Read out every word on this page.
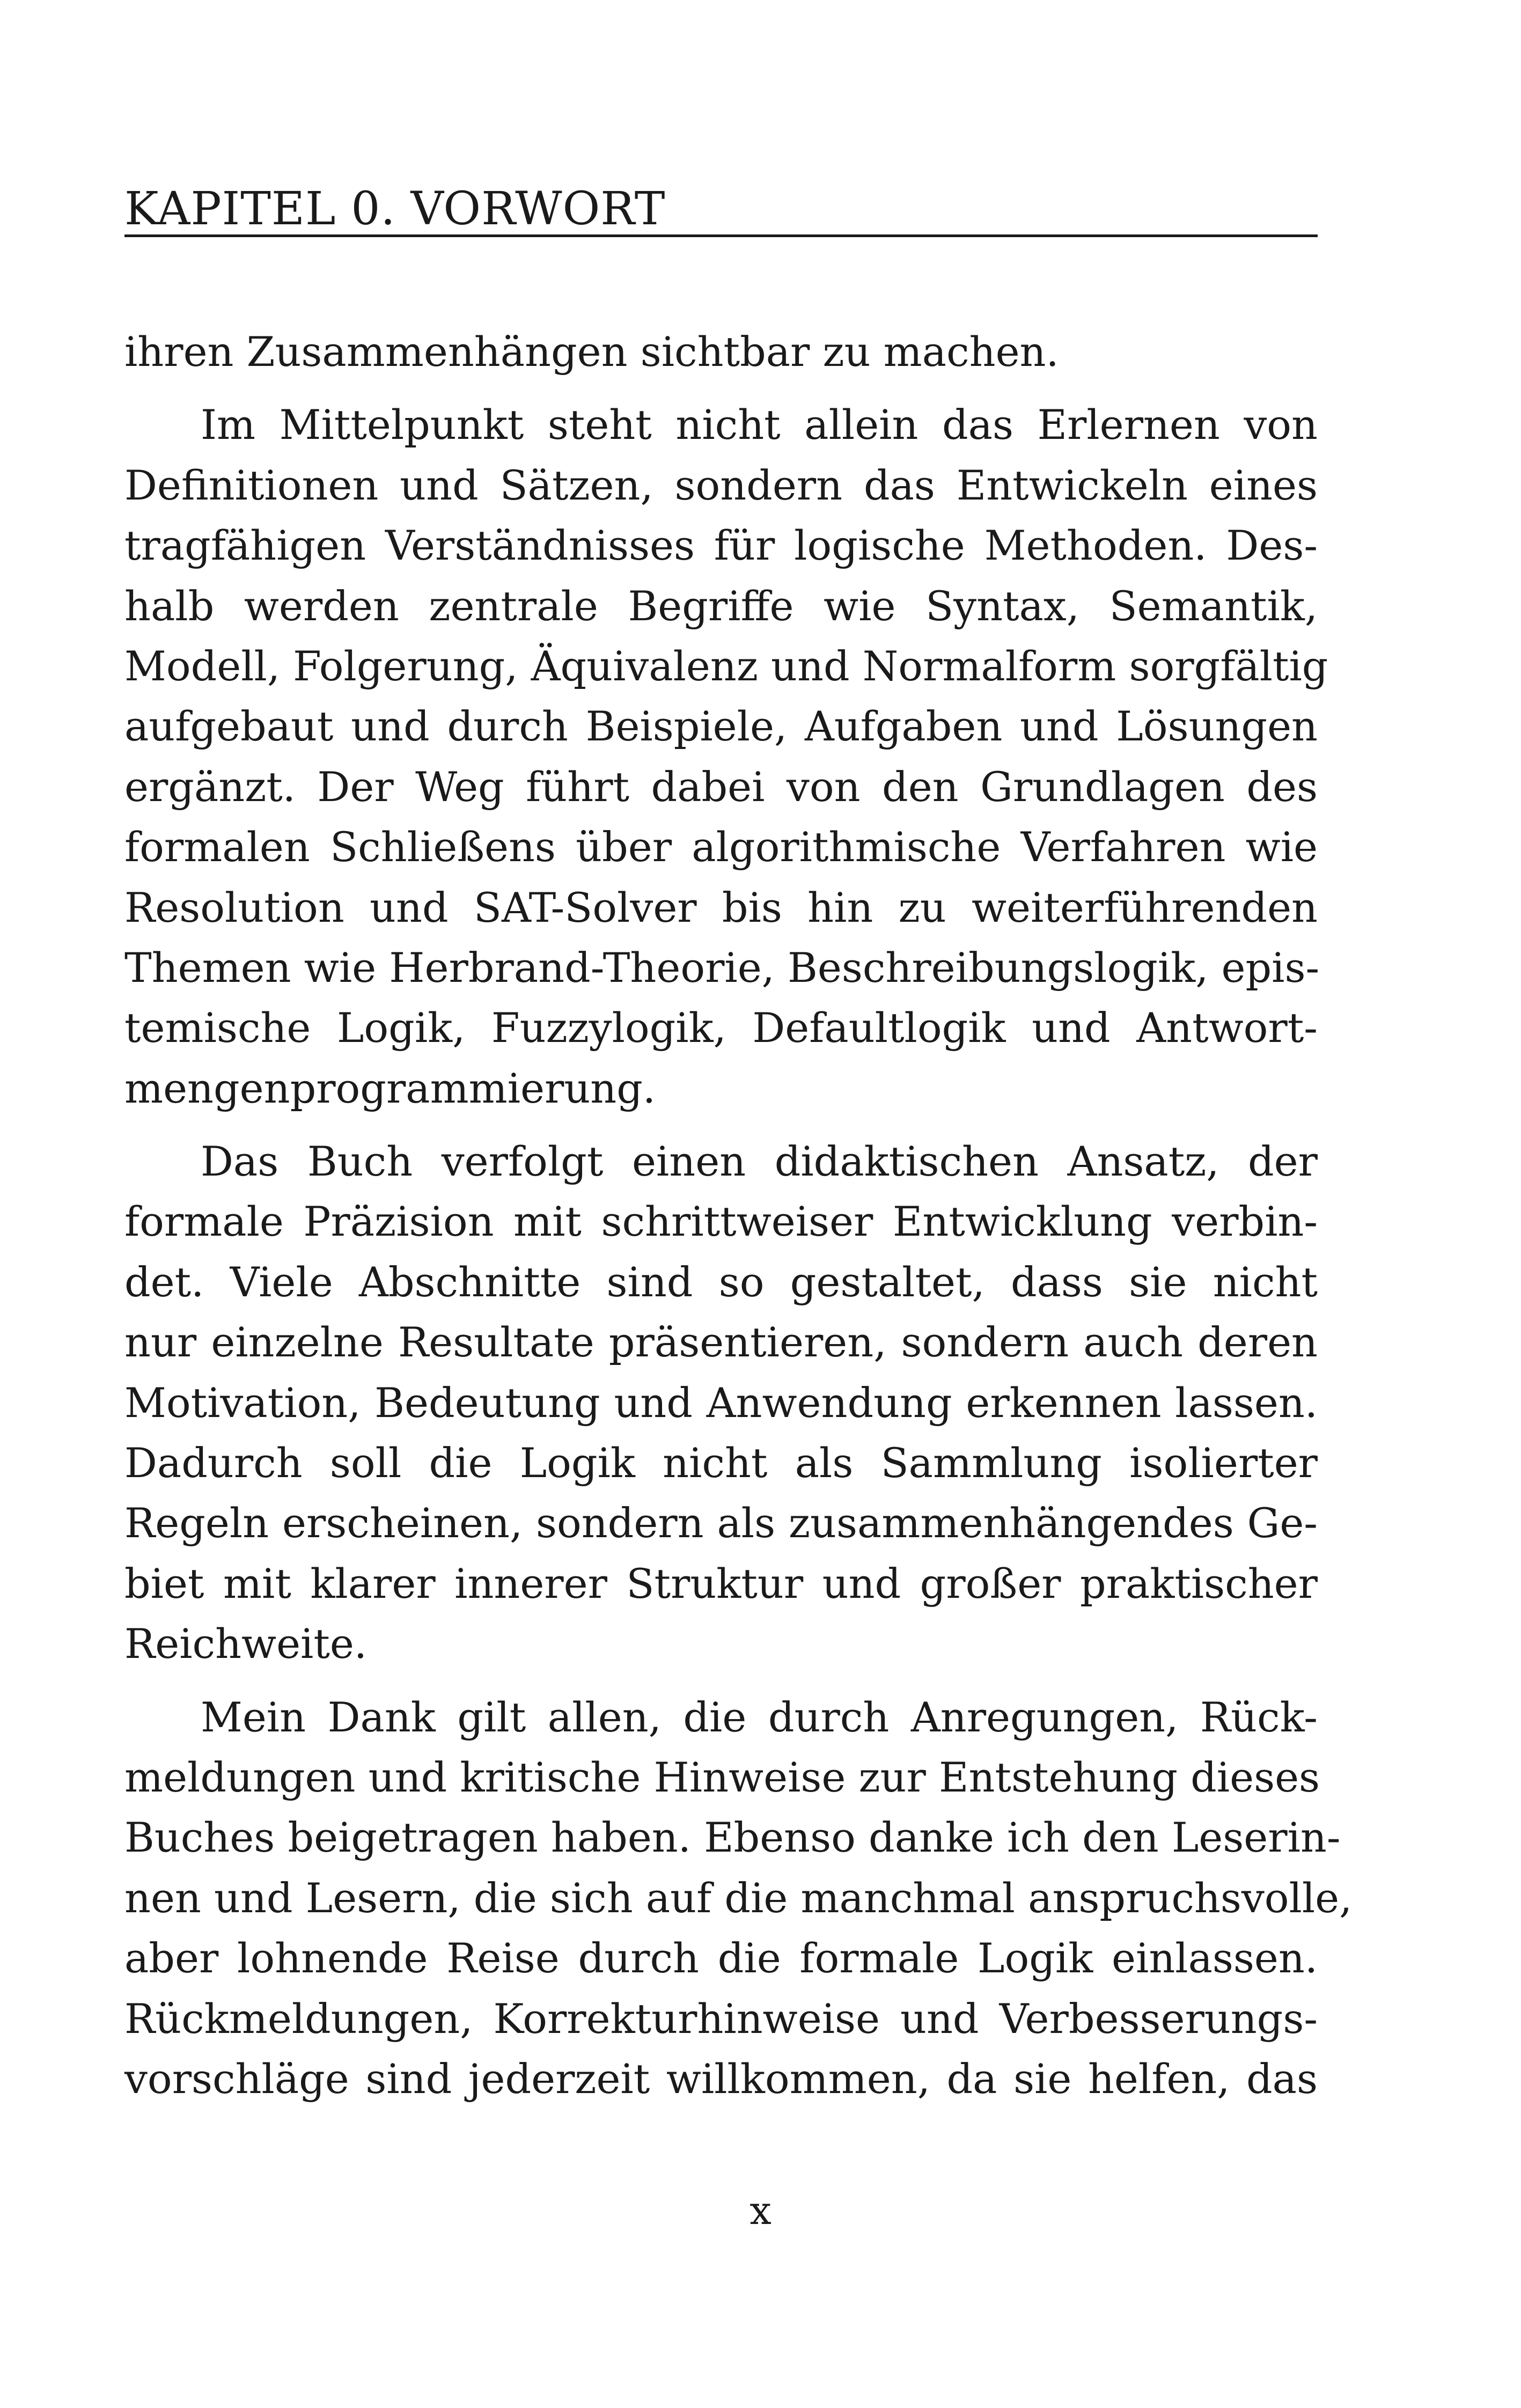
KAPITEL 0. VORWORT
ihren Zusammenhängen sichtbar zu machen.
Im Mittelpunkt steht nicht allein das Erlernen von
Definitionen und Sätzen, sondern das Entwickeln eines
tragfähigen Verständnisses für logische Methoden. Des-
halb werden zentrale Begriffe wie Syntax, Semantik,
Modell, Folgerung, Äquivalenz und Normalform sorgfältig
aufgebaut und durch Beispiele, Aufgaben und Lösungen
ergänzt. Der Weg führt dabei von den Grundlagen des
formalen Schließens über algorithmische Verfahren wie
Resolution und SAT-Solver bis hin zu weiterführenden
Themen wie Herbrand-Theorie, Beschreibungslogik, epis-
temische Logik, Fuzzylogik, Defaultlogik und Antwort-
mengenprogrammierung.
Das Buch verfolgt einen didaktischen Ansatz, der
formale Präzision mit schrittweiser Entwicklung verbin-
det. Viele Abschnitte sind so gestaltet, dass sie nicht
nur einzelne Resultate präsentieren, sondern auch deren
Motivation, Bedeutung und Anwendung erkennen lassen.
Dadurch soll die Logik nicht als Sammlung isolierter
Regeln erscheinen, sondern als zusammenhängendes Ge-
biet mit klarer innerer Struktur und großer praktischer
Reichweite.
Mein Dank gilt allen, die durch Anregungen, Rück-
meldungen und kritische Hinweise zur Entstehung dieses
Buches beigetragen haben. Ebenso danke ich den Leserin-
nen und Lesern, die sich auf die manchmal anspruchsvolle,
aber lohnende Reise durch die formale Logik einlassen.
Rückmeldungen, Korrekturhinweise und Verbesserungs-
vorschläge sind jederzeit willkommen, da sie helfen, das
x
